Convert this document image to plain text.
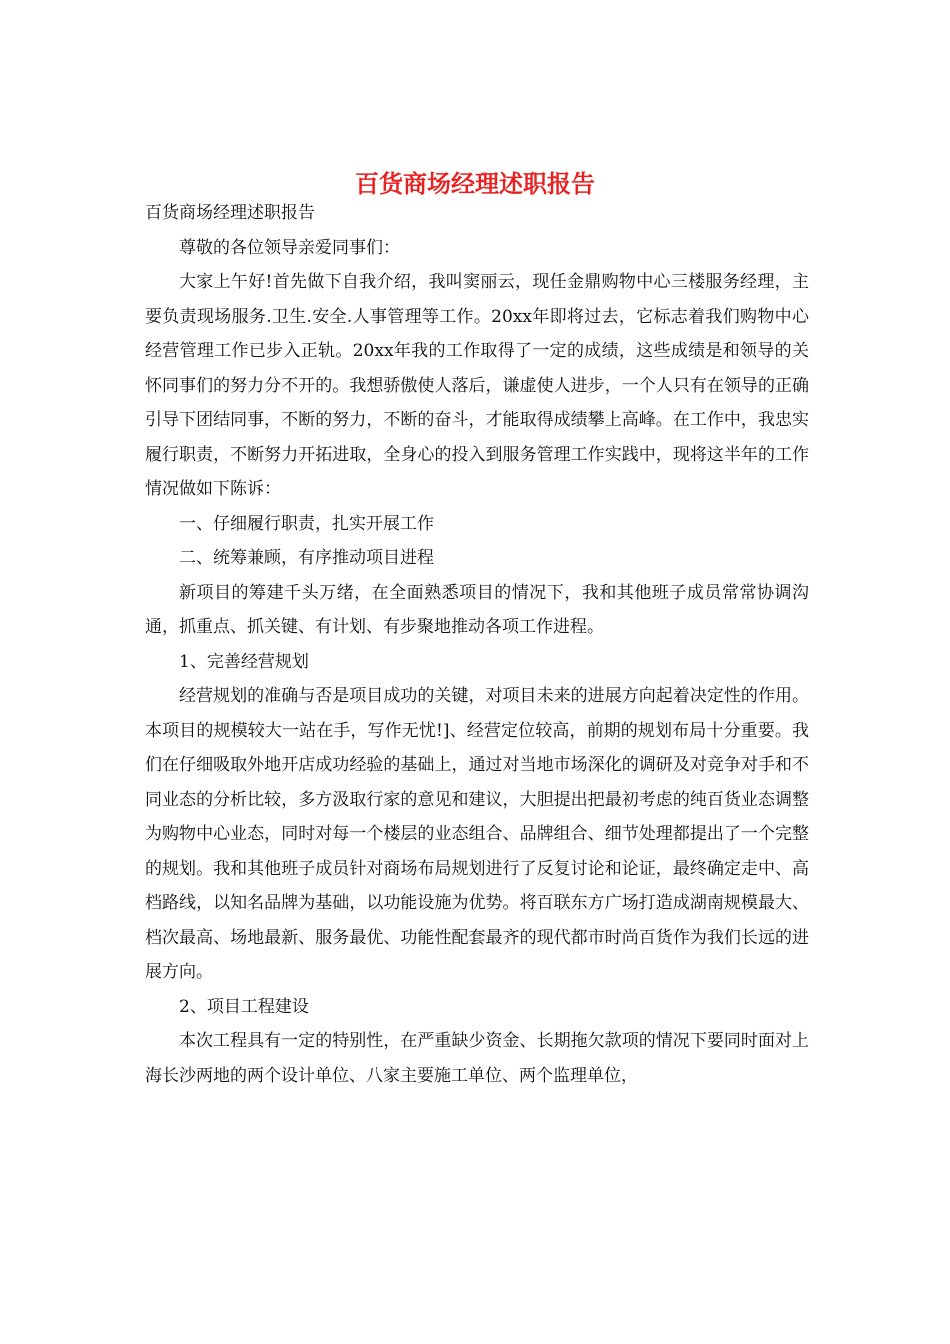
百货商场经理述职报告

百货商场经理述职报告

尊敬的各位领导亲爱同事们：

大家上午好!首先做下自我介绍，我叫窦丽云，现任金鼎购物中心三楼服务经理，主要负责现场服务.卫生.安全.人事管理等工作。20xx年即将过去，它标志着我们购物中心经营管理工作已步入正轨。20xx年我的工作取得了一定的成绩，这些成绩是和领导的关怀同事们的努力分不开的。我想骄傲使人落后，谦虚使人进步，一个人只有在领导的正确引导下团结同事，不断的努力，不断的奋斗，才能取得成绩攀上高峰。在工作中，我忠实履行职责，不断努力开拓进取，全身心的投入到服务管理工作实践中，现将这半年的工作情况做如下陈诉：

一、仔细履行职责，扎实开展工作

二、统筹兼顾，有序推动项目进程

新项目的筹建千头万绪，在全面熟悉项目的情况下，我和其他班子成员常常协调沟通，抓重点、抓关键、有计划、有步聚地推动各项工作进程。

1、完善经营规划

经营规划的准确与否是项目成功的关键，对项目未来的进展方向起着决定性的作用。本项目的规模较大一站在手，写作无忧!]、经营定位较高，前期的规划布局十分重要。我们在仔细吸取外地开店成功经验的基础上，通过对当地市场深化的调研及对竞争对手和不同业态的分析比较，多方汲取行家的意见和建议，大胆提出把最初考虑的纯百货业态调整为购物中心业态，同时对每一个楼层的业态组合、品牌组合、细节处理都提出了一个完整的规划。我和其他班子成员针对商场布局规划进行了反复讨论和论证，最终确定走中、高档路线，以知名品牌为基础，以功能设施为优势。将百联东方广场打造成湖南规模最大、档次最高、场地最新、服务最优、功能性配套最齐的现代都市时尚百货作为我们长远的进展方向。

2、项目工程建设

本次工程具有一定的特别性，在严重缺少资金、长期拖欠款项的情况下要同时面对上海长沙两地的两个设计单位、八家主要施工单位、两个监理单位，
